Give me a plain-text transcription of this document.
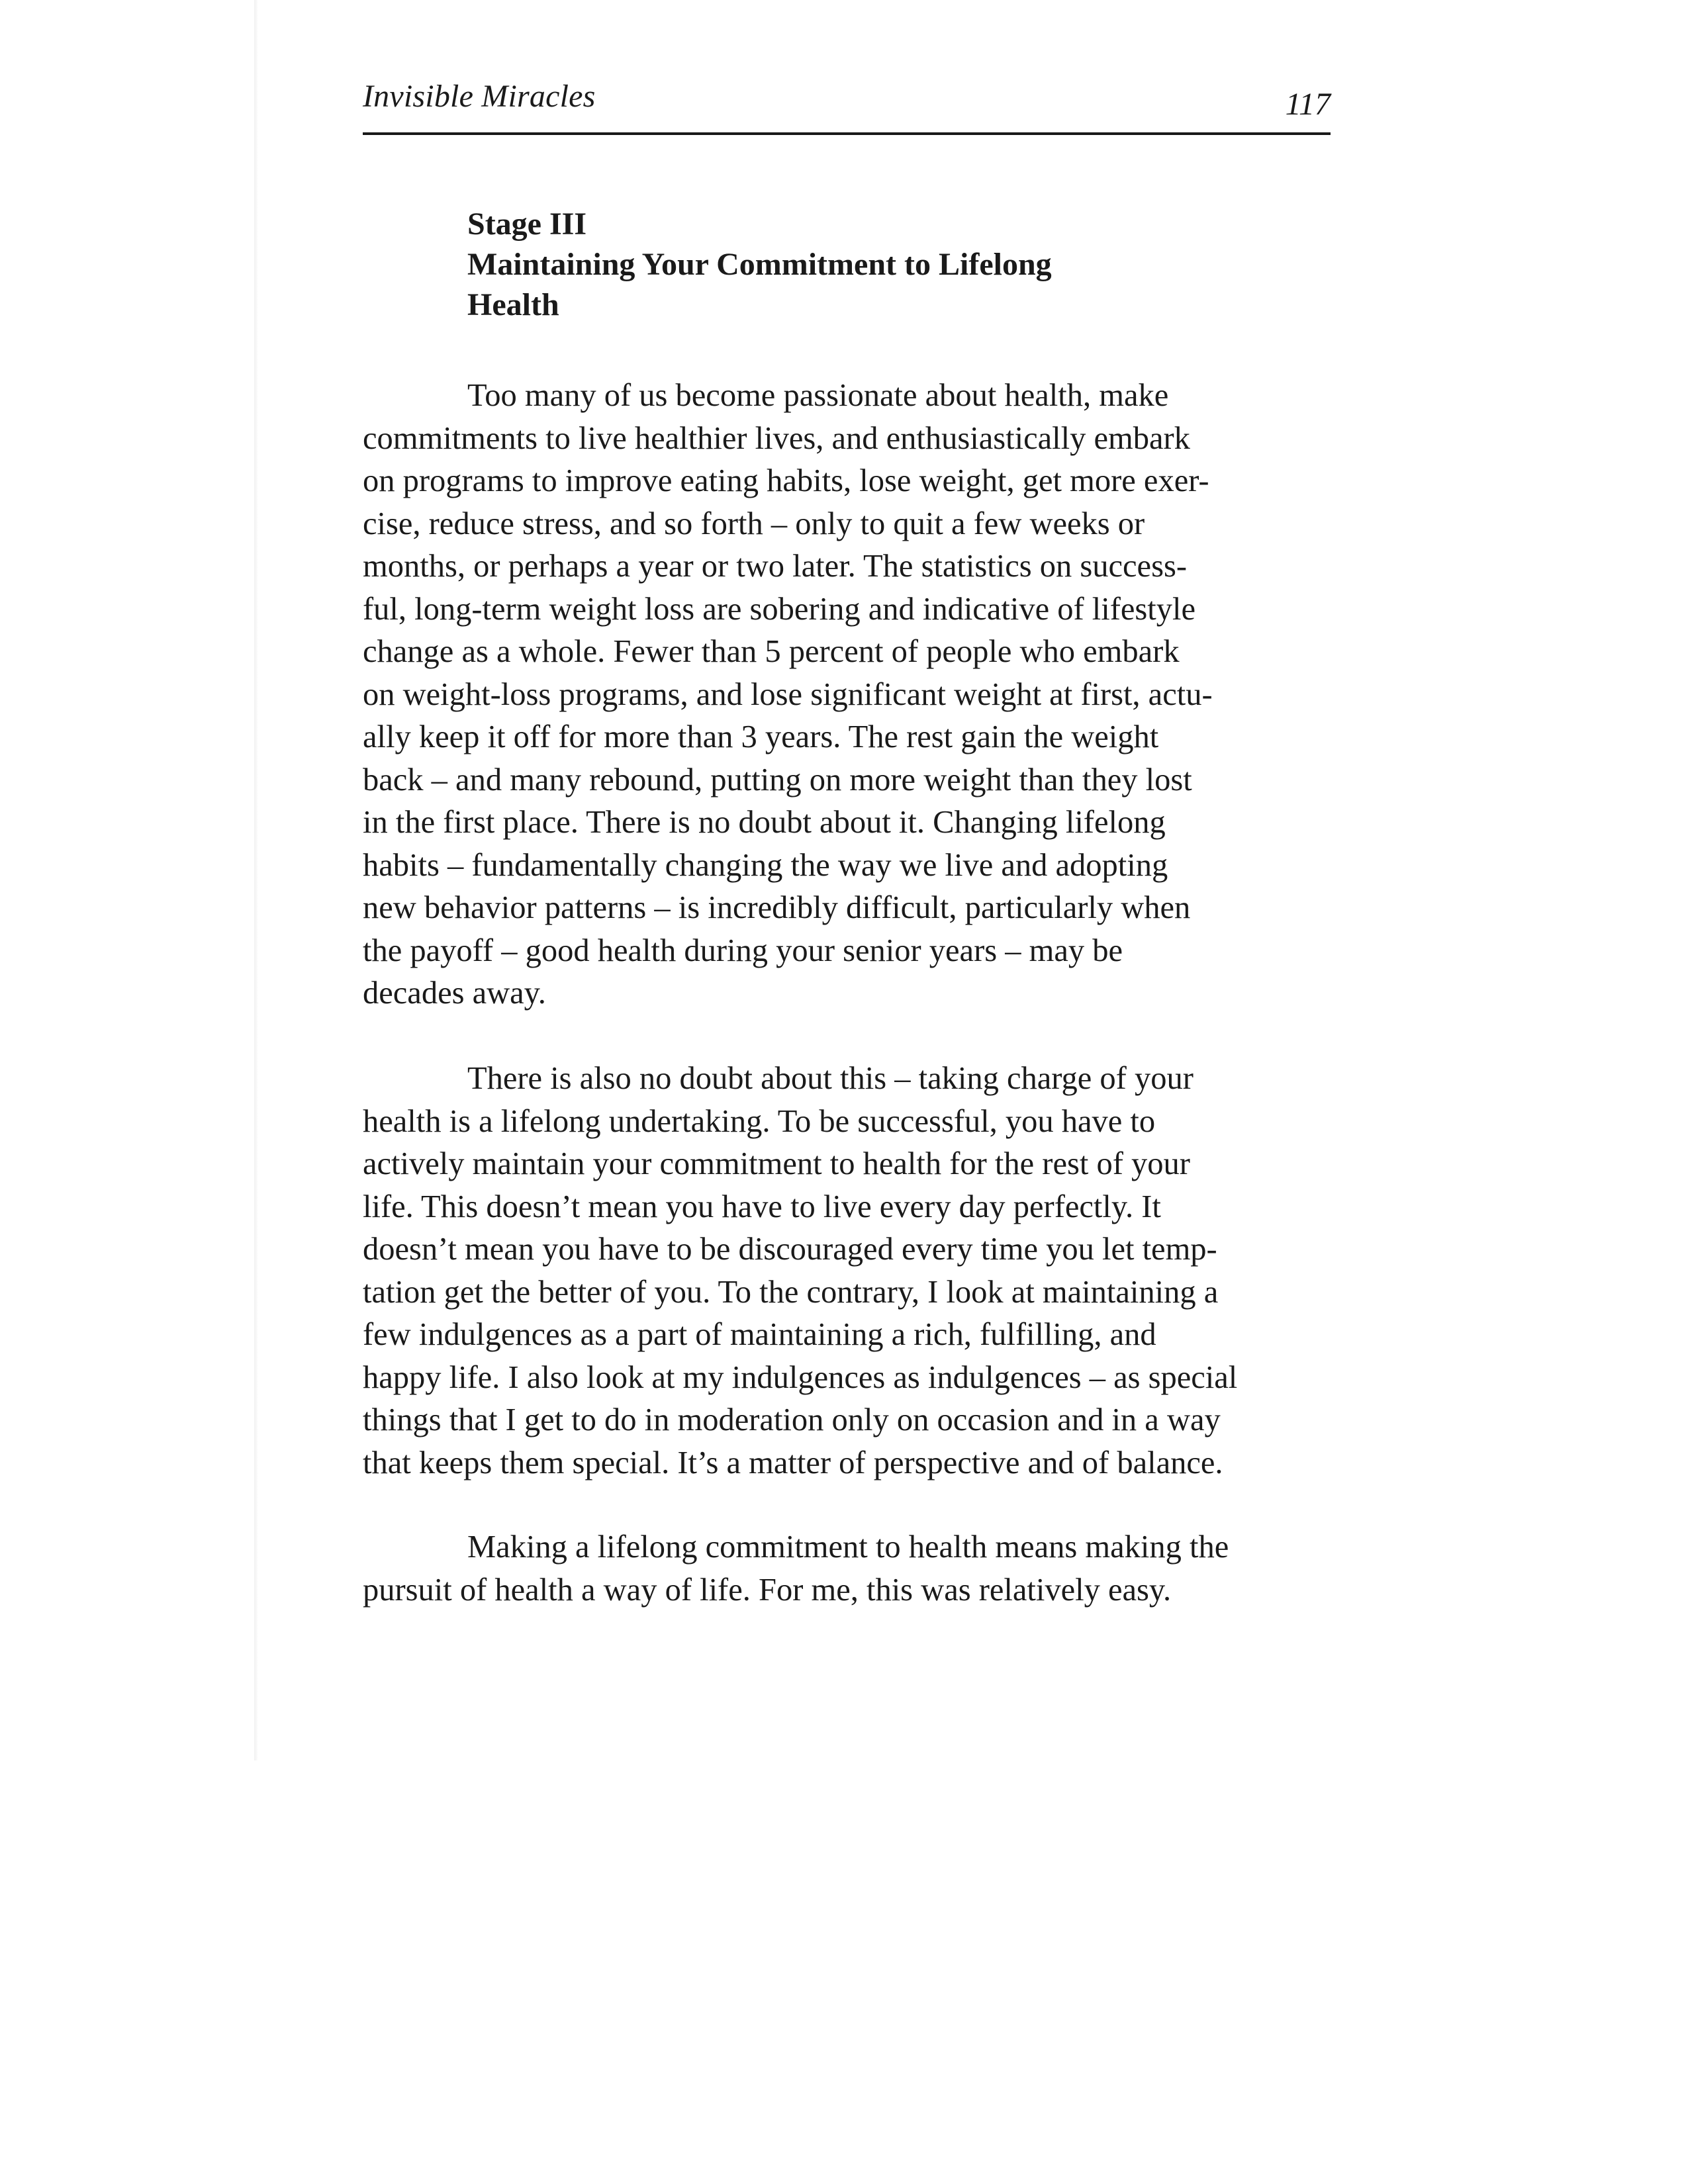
Invisible Miracles	117
Stage III
Maintaining Your Commitment to Lifelong
Health
Too many of us become passionate about health, make
commitments to live healthier lives, and enthusiastically embark
on programs to improve eating habits, lose weight, get more exer-
cise, reduce stress, and so forth – only to quit a few weeks or
months, or perhaps a year or two later. The statistics on success-
ful, long-term weight loss are sobering and indicative of lifestyle
change as a whole. Fewer than 5 percent of people who embark
on weight-loss programs, and lose significant weight at first, actu-
ally keep it off for more than 3 years. The rest gain the weight
back – and many rebound, putting on more weight than they lost
in the first place. There is no doubt about it. Changing lifelong
habits – fundamentally changing the way we live and adopting
new behavior patterns – is incredibly difficult, particularly when
the payoff – good health during your senior years – may be
decades away.
There is also no doubt about this – taking charge of your
health is a lifelong undertaking. To be successful, you have to
actively maintain your commitment to health for the rest of your
life. This doesn’t mean you have to live every day perfectly. It
doesn’t mean you have to be discouraged every time you let temp-
tation get the better of you. To the contrary, I look at maintaining a
few indulgences as a part of maintaining a rich, fulfilling, and
happy life. I also look at my indulgences as indulgences – as special
things that I get to do in moderation only on occasion and in a way
that keeps them special. It’s a matter of perspective and of balance.
Making a lifelong commitment to health means making the
pursuit of health a way of life. For me, this was relatively easy.
